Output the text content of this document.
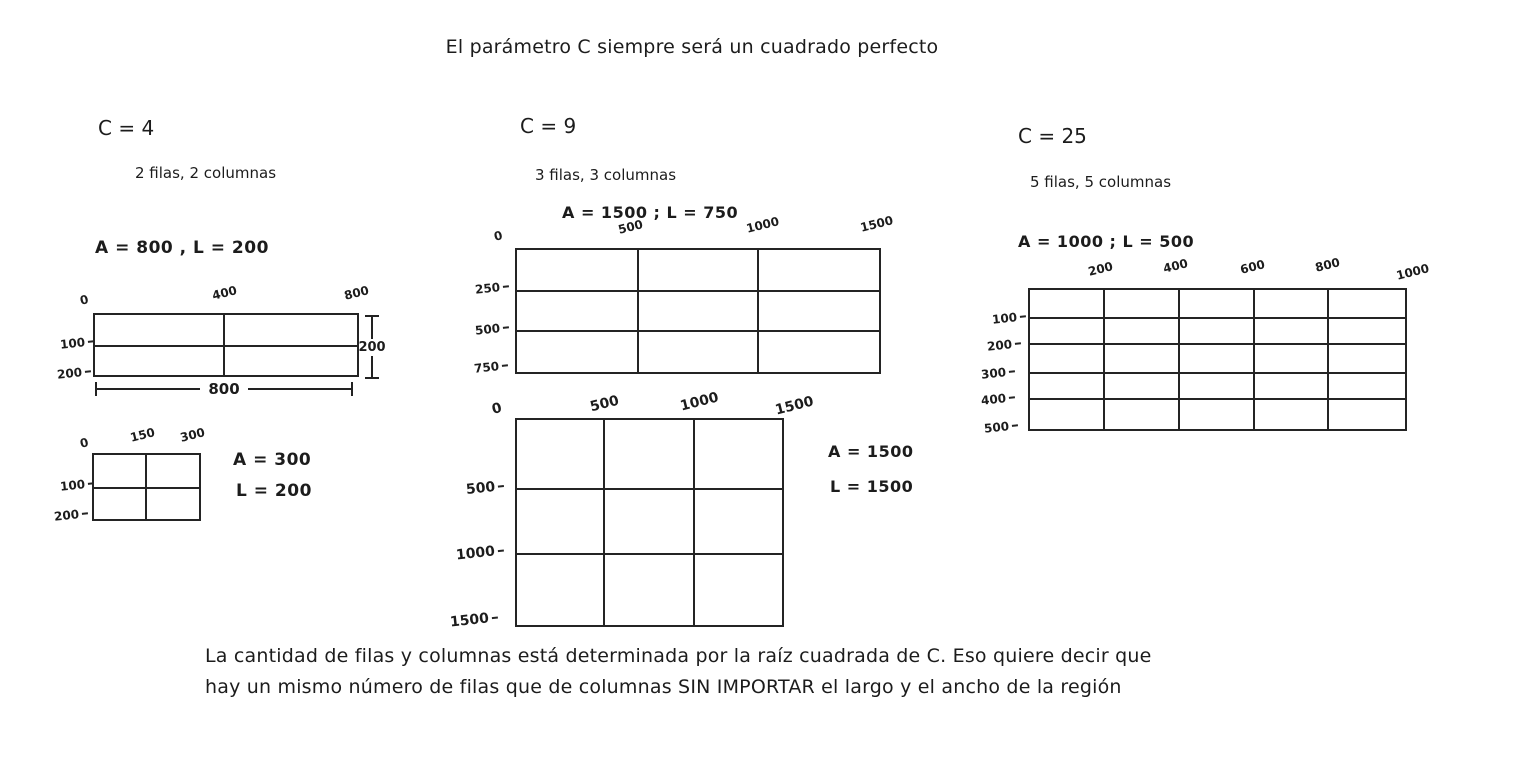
El parámetro C siempre será un cuadrado perfecto
C = 4
2 filas, 2 columnas
A = 800 , L = 200
0	400	800
100
200
200
800
0	150 300
100
200
A = 300
L = 200
C = 9
3 filas, 3 columnas
A = 1500 ; L = 750
0	500	1000	1500
250
500
750
0	500	1000	1500
500
1000
1500
A = 1500
L = 1500
C = 25
5 filas, 5 columnas
A = 1000 ; L = 500
200	400	600	800	1000
100
200
300
400
500
La cantidad de filas y columnas está determinada por la raíz cuadrada de C. Eso quiere decir que
hay un mismo número de filas que de columnas SIN IMPORTAR el largo y el ancho de la región
